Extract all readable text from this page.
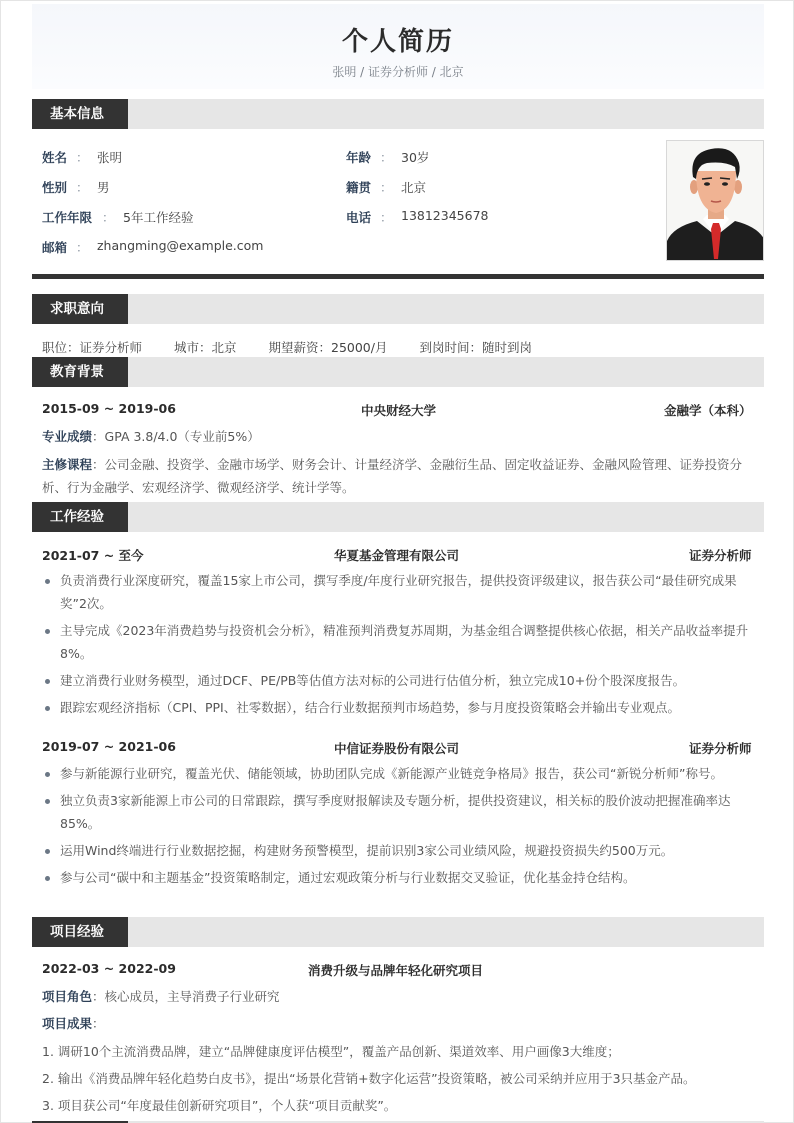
个人简历
张明 / 证券分析师 / 北京
基本信息
姓名 ： 张明
性别 ： 男
工作年限 ： 5年工作经验
邮箱 ： zhangming@example.com
年龄 ： 30岁
籍贯 ： 北京
电话 ： 13812345678
求职意向
职位：证券分析师	城市：北京	期望薪资：25000/月	到岗时间：随时到岗
教育背景
2015-09 ~ 2019-06	中央财经大学	金融学（本科）
专业成绩：GPA 3.8/4.0（专业前5%）
主修课程：公司金融、投资学、金融市场学、财务会计、计量经济学、金融衍生品、固定收益证券、金融风险管理、证券投资分析、行为金融学、宏观经济学、微观经济学、统计学等。
工作经验
2021-07 ~ 至今	华夏基金管理有限公司	证券分析师
负责消费行业深度研究，覆盖15家上市公司，撰写季度/年度行业研究报告，提供投资评级建议，报告获公司“最佳研究成果奖”2次。
主导完成《2023年消费趋势与投资机会分析》，精准预判消费复苏周期，为基金组合调整提供核心依据，相关产品收益率提升8%。
建立消费行业财务模型，通过DCF、PE/PB等估值方法对标的公司进行估值分析，独立完成10+份个股深度报告。
跟踪宏观经济指标（CPI、PPI、社零数据），结合行业数据预判市场趋势，参与月度投资策略会并输出专业观点。
2019-07 ~ 2021-06	中信证券股份有限公司	证券分析师
参与新能源行业研究，覆盖光伏、储能领域，协助团队完成《新能源产业链竞争格局》报告，获公司“新锐分析师”称号。
独立负责3家新能源上市公司的日常跟踪，撰写季度财报解读及专题分析，提供投资建议，相关标的股价波动把握准确率达85%。
运用Wind终端进行行业数据挖掘，构建财务预警模型，提前识别3家公司业绩风险，规避投资损失约500万元。
参与公司“碳中和主题基金”投资策略制定，通过宏观政策分析与行业数据交叉验证，优化基金持仓结构。
项目经验
2022-03 ~ 2022-09	消费升级与品牌年轻化研究项目
项目角色：核心成员，主导消费子行业研究
项目成果：
1. 调研10个主流消费品牌，建立“品牌健康度评估模型”，覆盖产品创新、渠道效率、用户画像3大维度；
2. 输出《消费品牌年轻化趋势白皮书》，提出“场景化营销+数字化运营”投资策略，被公司采纳并应用于3只基金产品。
3. 项目获公司“年度最佳创新研究项目”，个人获“项目贡献奖”。
